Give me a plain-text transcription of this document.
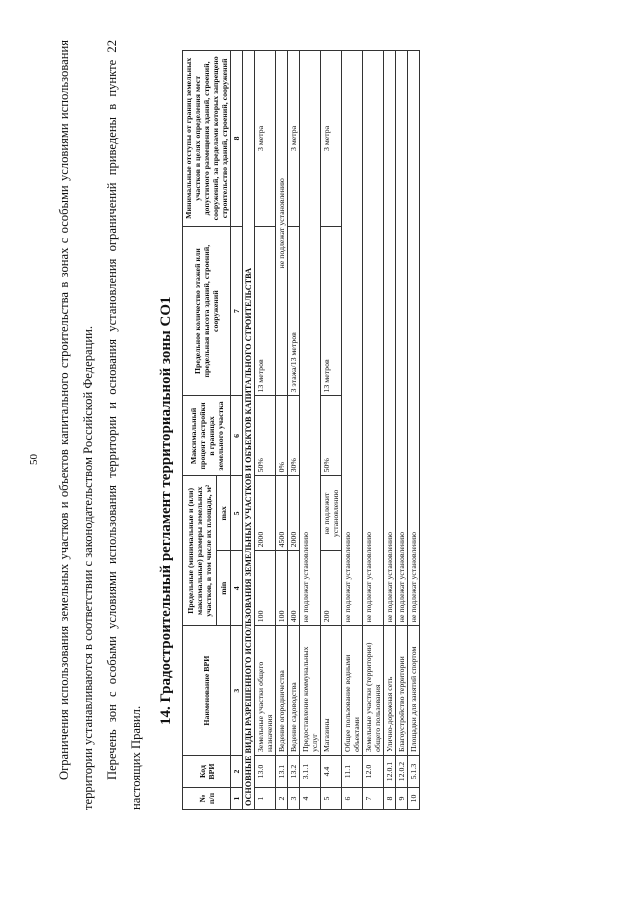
50	Ограничения использования земельных участков и объектов капитального строительства в зонах с особыми условиями использования территории устанавливаются в соответствии с законодательством Российской Федерации. Перечень зон с особыми условиями использования территории и основания установления ограничений приведены в пункте 22 настоящих Правил.
14. Градостроительный регламент территориальной зоны СО1
№ п/п	Код ВРИ	Наименование ВРИ	Предельные (минимальные и (или) максимальные) размеры земельных участков, в том числе их площадь, м²		Максимальный процент застройки в границах земельного участка	Предельное количество этажей или предельная высота зданий, строений, сооружений	Минимальные отступы от границ земельных участков в целях определения мест допустимого размещения зданий, строений, сооружений, за пределами которых запрещено строительство зданий, строений, сооружений
			min	max			
1	2	3	4	5	6	7	8
ОСНОВНЫЕ ВИДЫ РАЗРЕШЕННОГО ИСПОЛЬЗОВАНИЯ ЗЕМЕЛЬНЫХ УЧАСТКОВ И ОБЪЕКТОВ КАПИТАЛЬНОГО СТРОИТЕЛЬСТВА							
1	13.0	Земельные участки общего назначения	100	2000	50%	13 метров	3 метра
2	13.1	Ведение огородничества	100	4500	0%	не подлежат установлению	
3	13.2	Ведение садоводства	400	2000	30%	3 этажа/13 метров	3 метра
4	3.1.1	Предоставление коммунальных услуг	не подлежат установлению				
5	4.4	Магазины	200	не подлежит установлению	50%	13 метров	3 метра
6	11.1	Общее пользование водными объектами	не подлежат установлению				
7	12.0	Земельные участки (территории) общего пользования	не подлежат установлению				
8	12.0.1	Улично-дорожная сеть	не подлежат установлению				
9	12.0.2	Благоустройство территории	не подлежат установлению				
10	5.1.3	Площадки для занятий спортом	не подлежат установлению				
